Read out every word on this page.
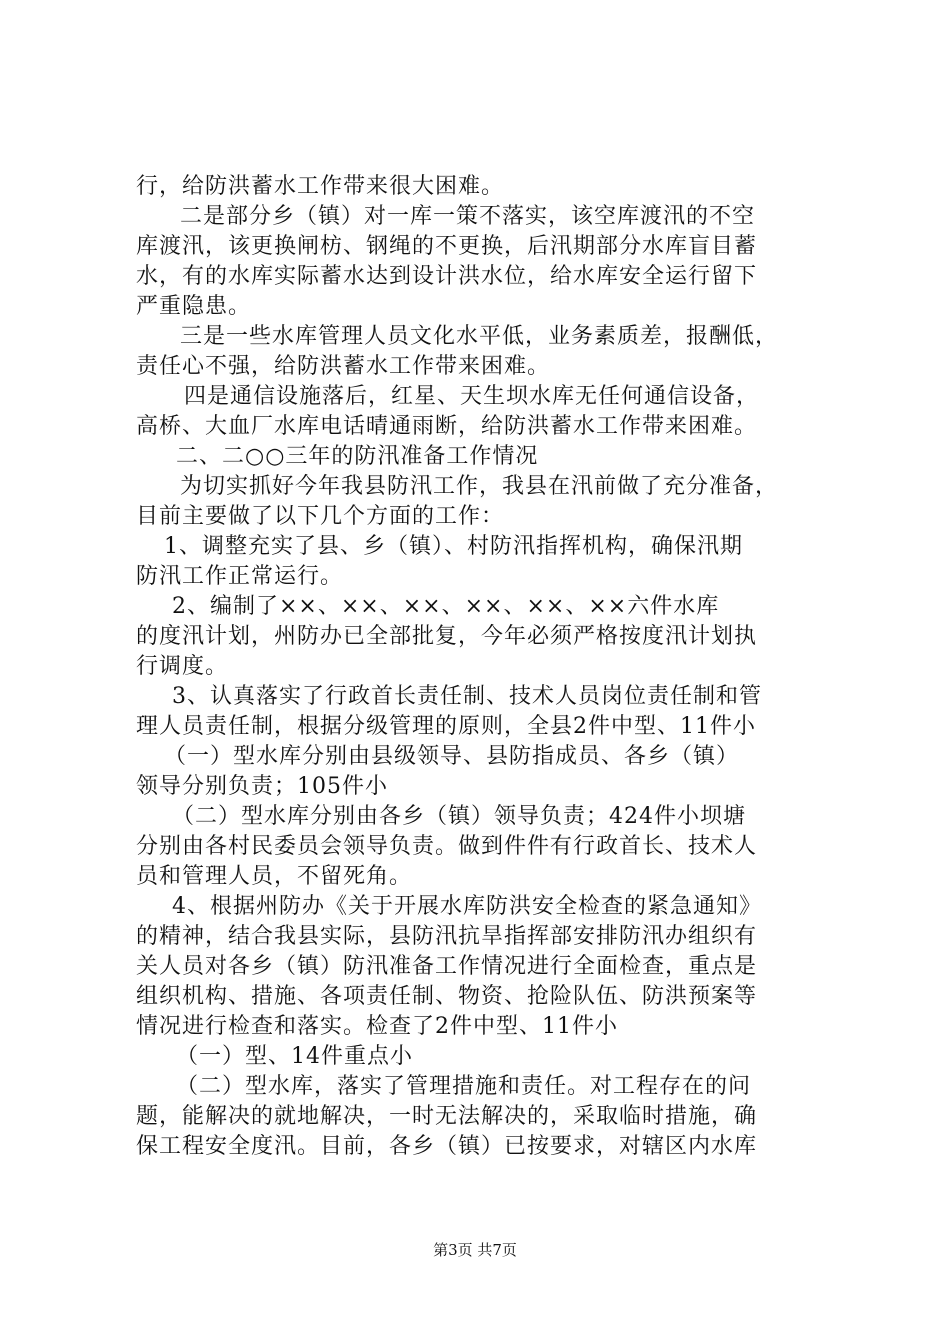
行，给防洪蓄水工作带来很大困难。
二是部分乡（镇）对一库一策不落实，该空库渡汛的不空
库渡汛，该更换闸枋、钢绳的不更换，后汛期部分水库盲目蓄
水，有的水库实际蓄水达到设计洪水位，给水库安全运行留下
严重隐患。
三是一些水库管理人员文化水平低，业务素质差，报酬低，
责任心不强，给防洪蓄水工作带来困难。
四是通信设施落后，红星、天生坝水库无任何通信设备，
高桥、大血厂水库电话晴通雨断，给防洪蓄水工作带来困难。
二、二○○三年的防汛准备工作情况
为切实抓好今年我县防汛工作，我县在汛前做了充分准备，
目前主要做了以下几个方面的工作：
1、调整充实了县、乡（镇）、村防汛指挥机构，确保汛期
防汛工作正常运行。
2、编制了××、××、××、××、××、××六件水库
的度汛计划，州防办已全部批复，今年必须严格按度汛计划执
行调度。
3、认真落实了行政首长责任制、技术人员岗位责任制和管
理人员责任制，根据分级管理的原则，全县2件中型、11件小
（一）型水库分别由县级领导、县防指成员、各乡（镇）
领导分别负责；105件小
（二）型水库分别由各乡（镇）领导负责；424件小坝塘
分别由各村民委员会领导负责。做到件件有行政首长、技术人
员和管理人员，不留死角。
4、根据州防办《关于开展水库防洪安全检查的紧急通知》
的精神，结合我县实际，县防汛抗旱指挥部安排防汛办组织有
关人员对各乡（镇）防汛准备工作情况进行全面检查，重点是
组织机构、措施、各项责任制、物资、抢险队伍、防洪预案等
情况进行检查和落实。检查了2件中型、11件小
（一）型、14件重点小
（二）型水库，落实了管理措施和责任。对工程存在的问
题，能解决的就地解决，一时无法解决的，采取临时措施，确
保工程安全度汛。目前，各乡（镇）已按要求，对辖区内水库
第3页 共7页
